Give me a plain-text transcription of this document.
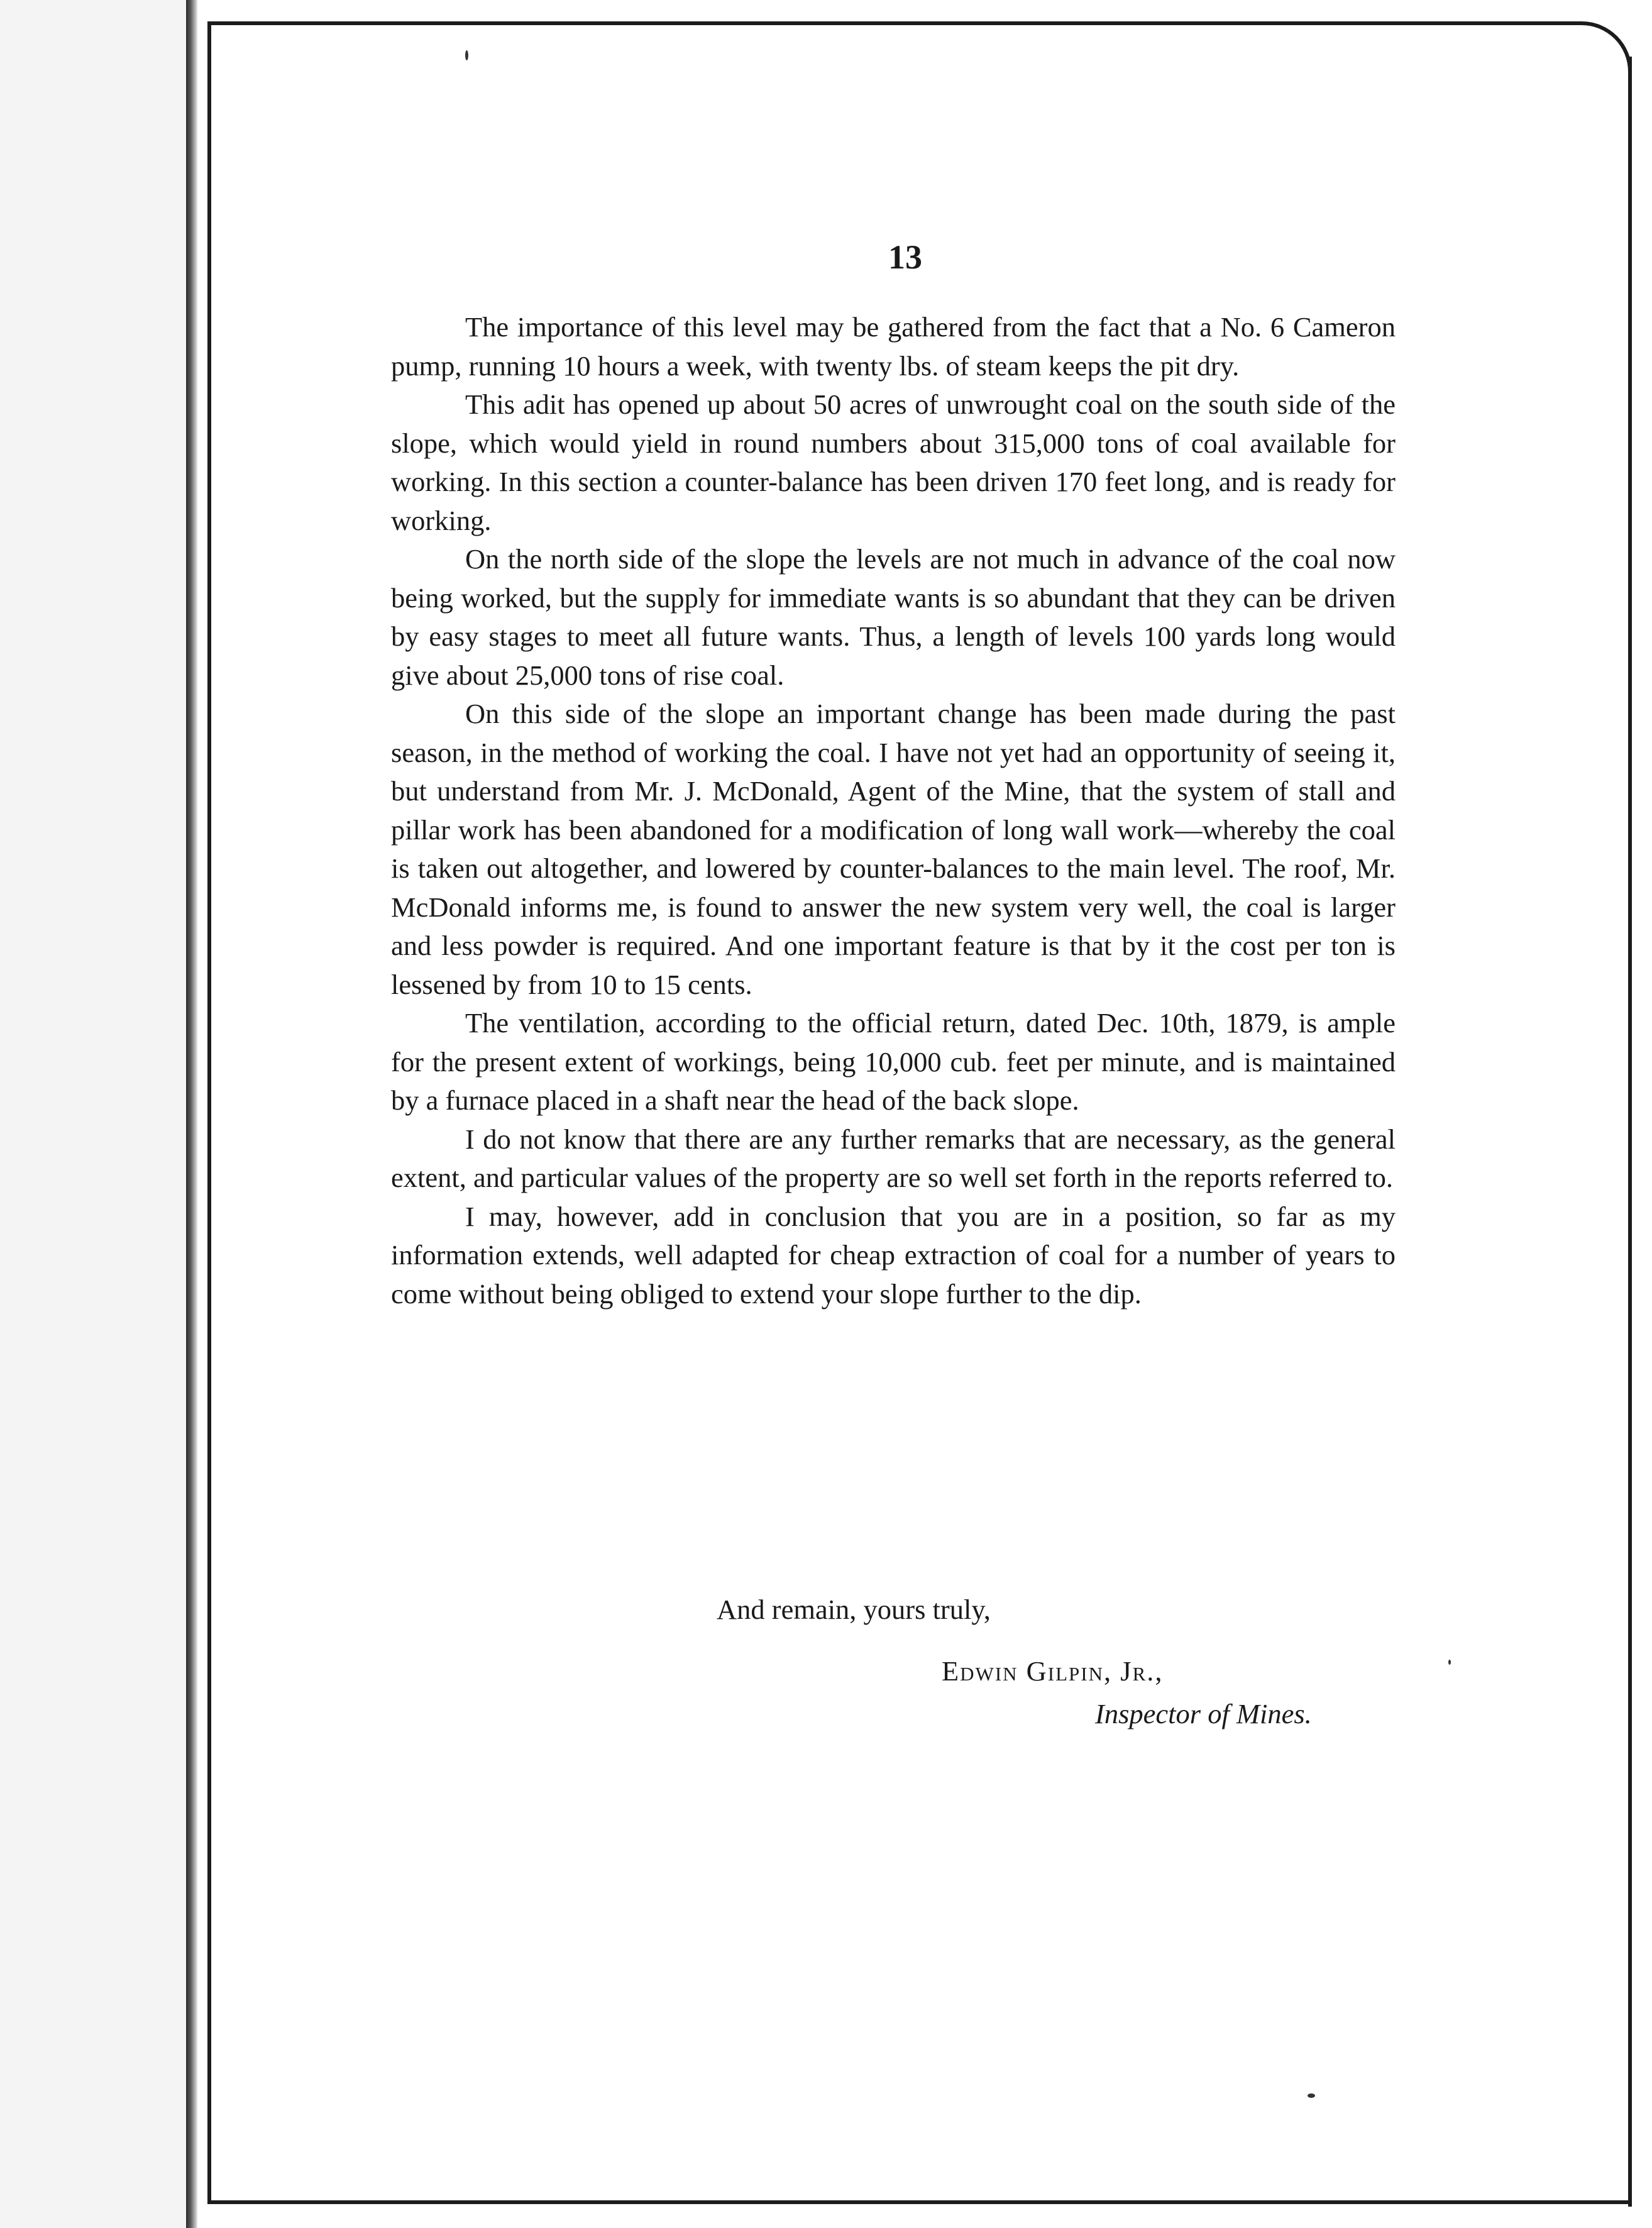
13

The importance of this level may be gathered from the fact that a No. 6 Cameron pump, running 10 hours a week, with twenty lbs. of steam keeps the pit dry.

This adit has opened up about 50 acres of unwrought coal on the south side of the slope, which would yield in round numbers about 315,000 tons of coal available for working. In this section a counter-balance has been driven 170 feet long, and is ready for working.

On the north side of the slope the levels are not much in advance of the coal now being worked, but the supply for immediate wants is so abundant that they can be driven by easy stages to meet all future wants. Thus, a length of levels 100 yards long would give about 25,000 tons of rise coal.

On this side of the slope an important change has been made during the past season, in the method of working the coal. I have not yet had an opportunity of seeing it, but understand from Mr. J. McDonald, Agent of the Mine, that the system of stall and pillar work has been abandoned for a modification of long wall work—whereby the coal is taken out altogether, and lowered by counter-balances to the main level. The roof, Mr. McDonald informs me, is found to answer the new system very well, the coal is larger and less powder is required. And one important feature is that by it the cost per ton is lessened by from 10 to 15 cents.

The ventilation, according to the official return, dated Dec. 10th, 1879, is ample for the present extent of workings, being 10,000 cub. feet per minute, and is maintained by a furnace placed in a shaft near the head of the back slope.

I do not know that there are any further remarks that are necessary, as the general extent, and particular values of the property are so well set forth in the reports referred to.

I may, however, add in conclusion that you are in a position, so far as my information extends, well adapted for cheap extraction of coal for a number of years to come without being obliged to extend your slope further to the dip.

And remain, yours truly,
Edwin Gilpin, Jr.,
Inspector of Mines.
